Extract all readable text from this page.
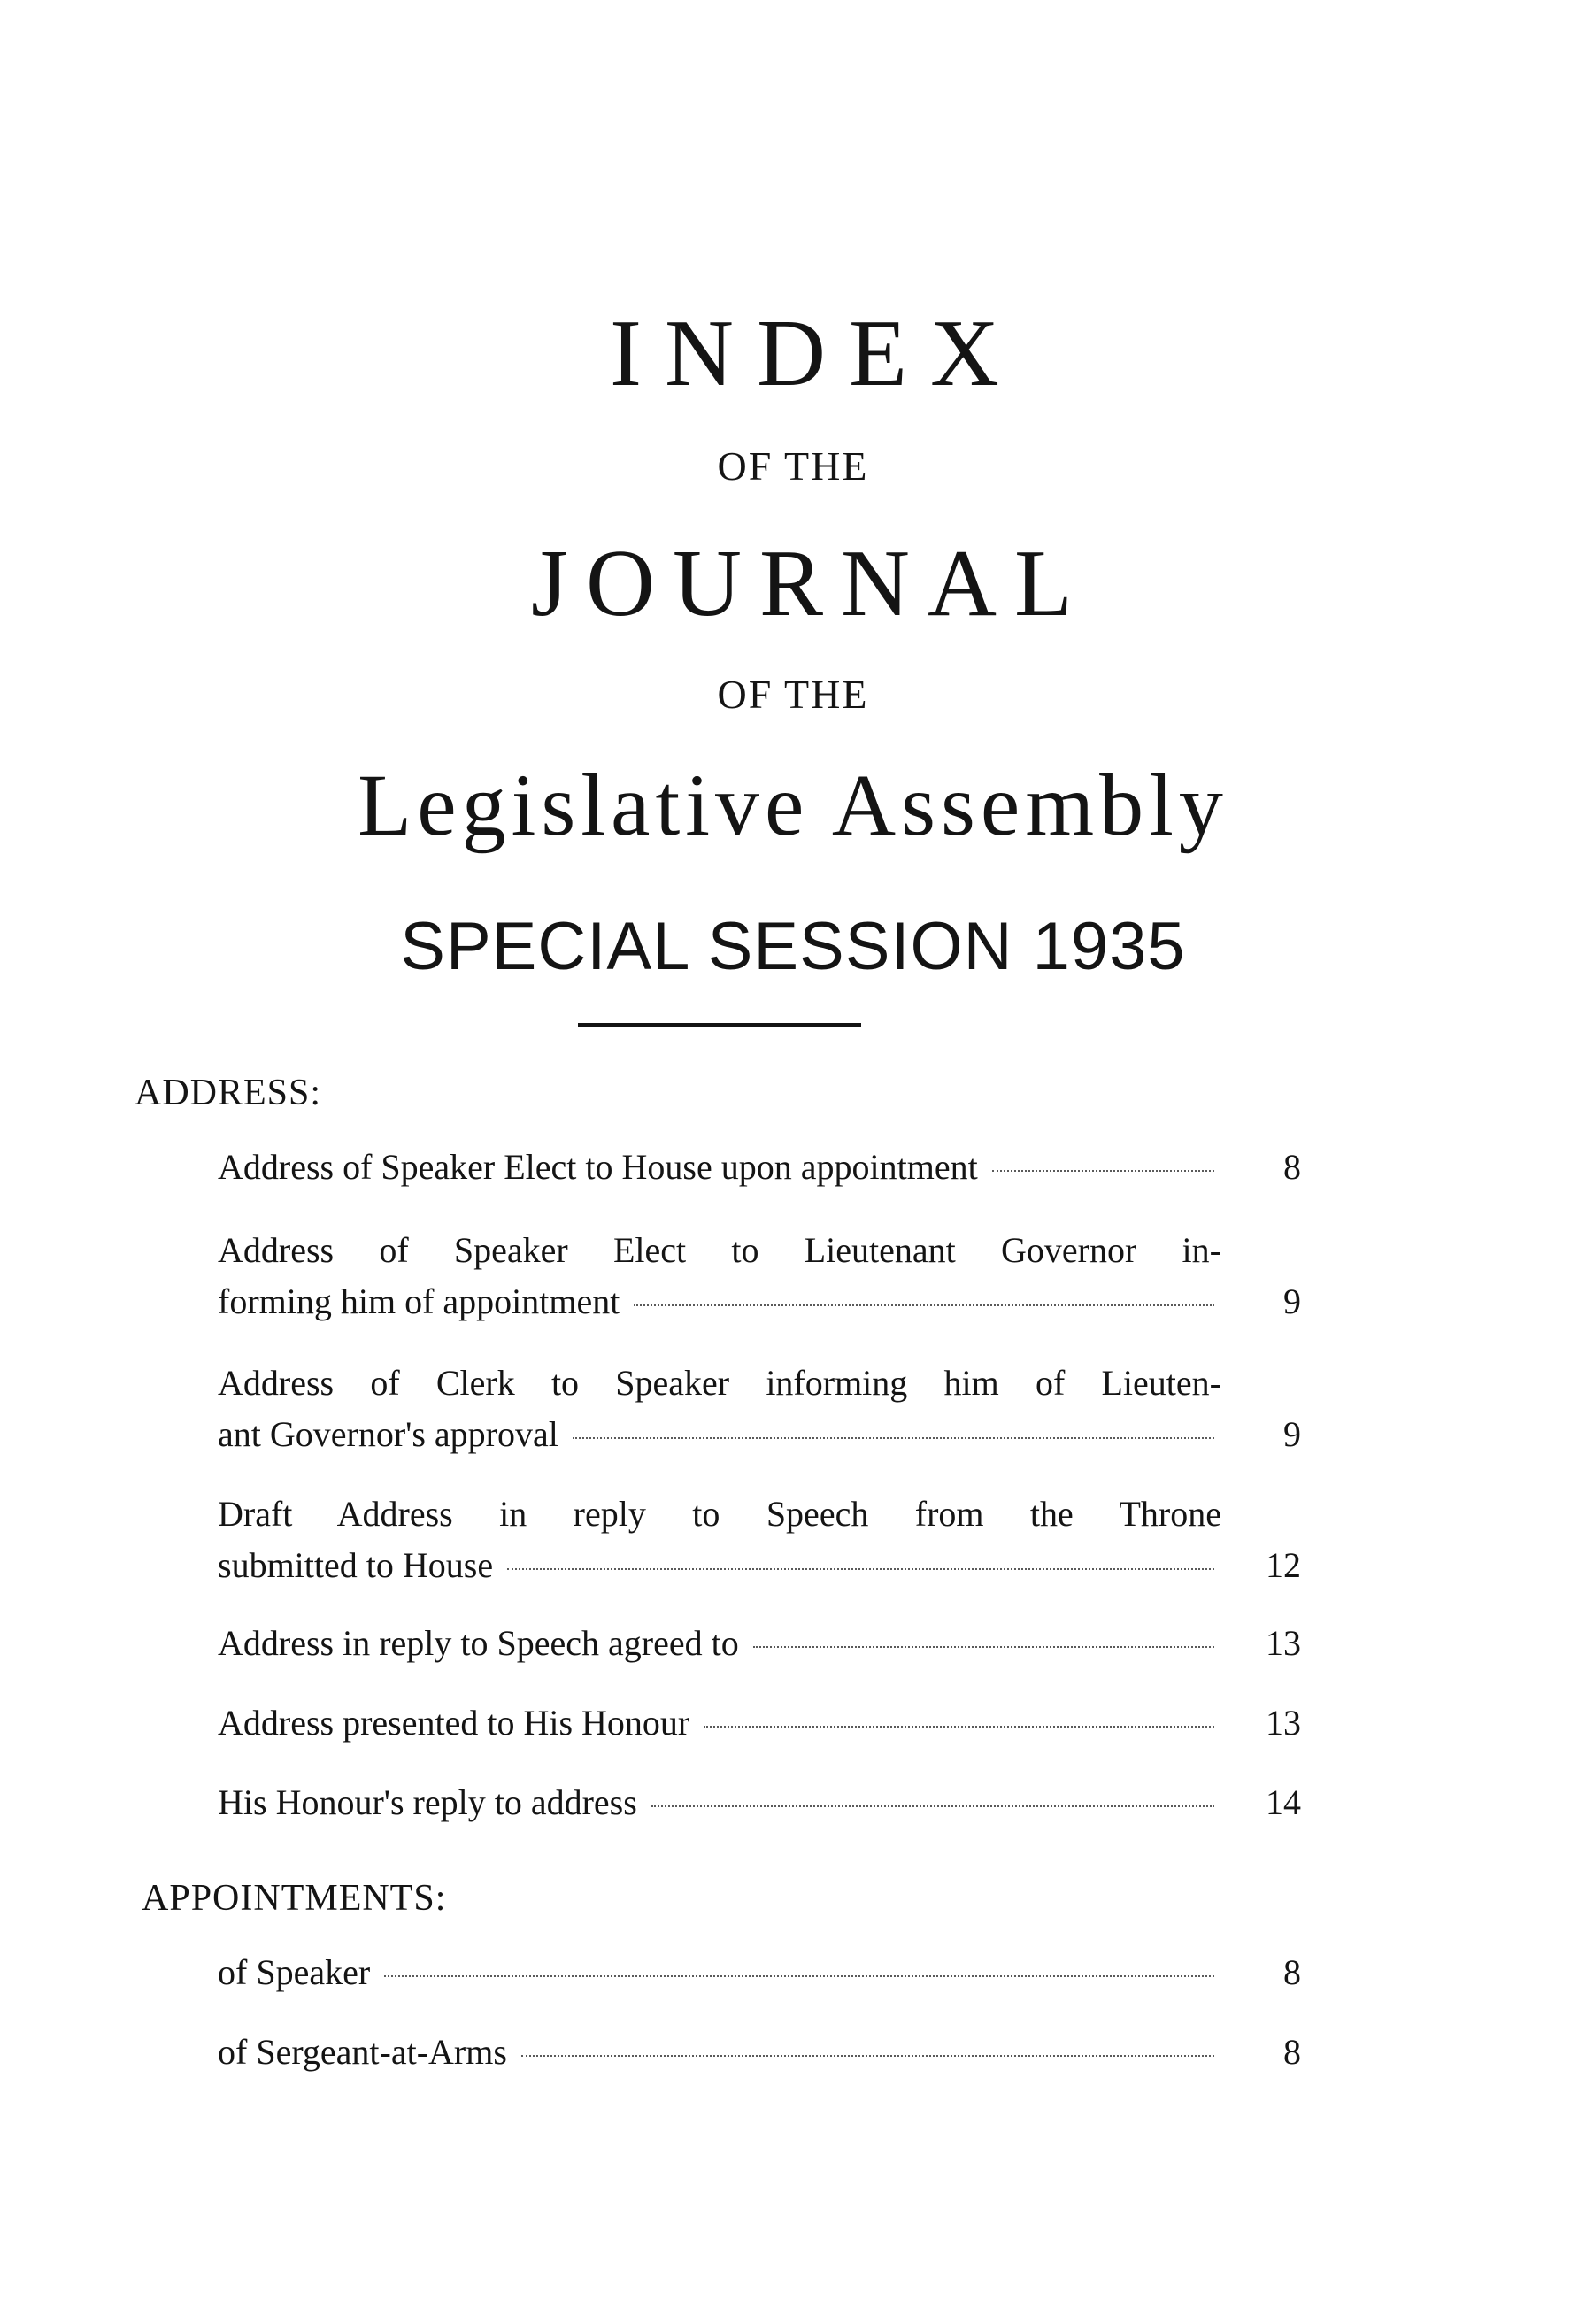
INDEX
OF THE
JOURNAL
OF THE
Legislative Assembly
SPECIAL SESSION 1935
ADDRESS:
Address of Speaker Elect to House upon appointment	8
Address of Speaker Elect to Lieutenant Governor in-
forming him of appointment	9
Address of Clerk to Speaker informing him of Lieuten-
ant Governor's approval	9
Draft Address in reply to Speech from the Throne
submitted to House	12
Address in reply to Speech agreed to	13
Address presented to His Honour	13
His Honour's reply to address	14
APPOINTMENTS:
of Speaker	8
of Sergeant-at-Arms	8
